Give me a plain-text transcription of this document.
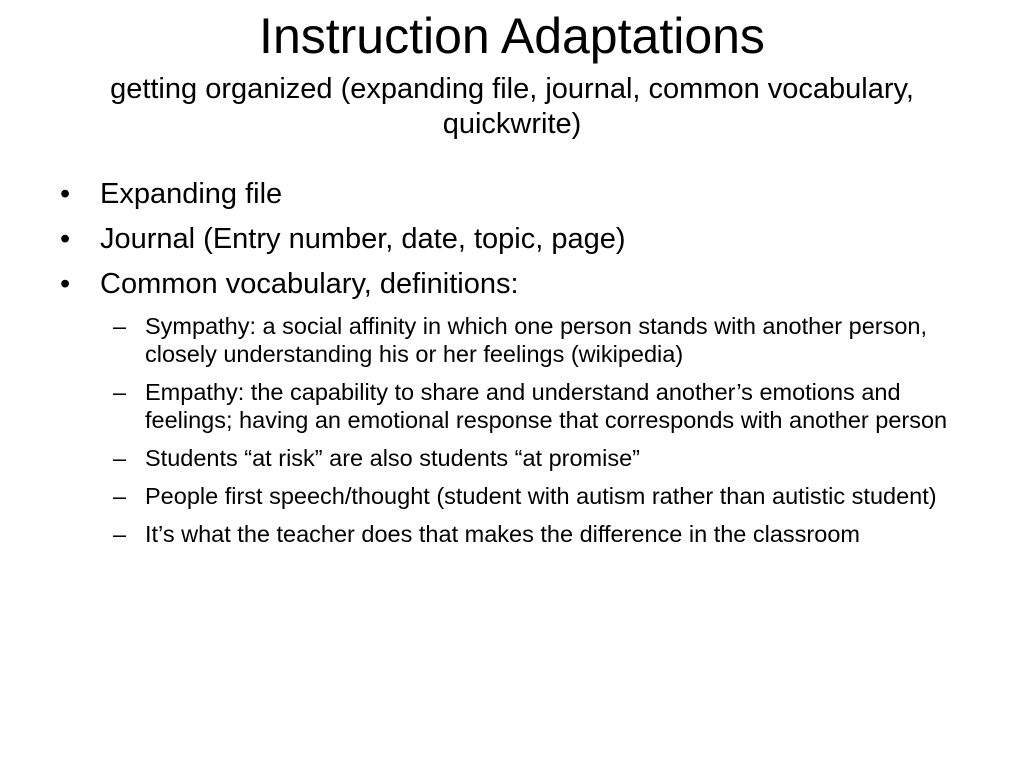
Instruction Adaptations
getting organized (expanding file, journal, common vocabulary, quickwrite)
•	Expanding file
•	Journal (Entry number, date, topic, page)
•	Common vocabulary, definitions:
– Sympathy: a social affinity in which one person stands with another person, closely understanding his or her feelings (wikipedia)
– Empathy: the capability to share and understand another’s emotions and feelings; having an emotional response that corresponds with another person
– Students “at risk” are also students “at promise”
– People first speech/thought (student with autism rather than autistic student)
– It’s what the teacher does that makes the difference in the classroom
